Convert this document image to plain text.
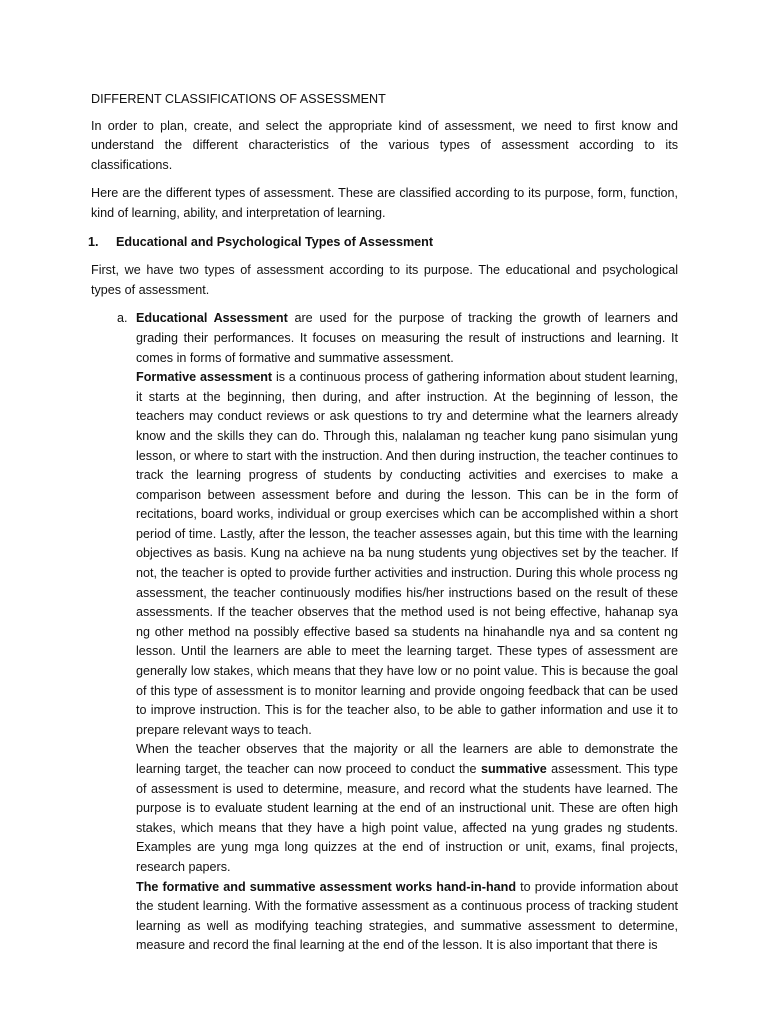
DIFFERENT CLASSIFICATIONS OF ASSESSMENT

In order to plan, create, and select the appropriate kind of assessment, we need to first know and understand the different characteristics of the various types of assessment according to its classifications.

Here are the different types of assessment. These are classified according to its purpose, form, function, kind of learning, ability, and interpretation of learning.

1.	Educational and Psychological Types of Assessment

First, we have two types of assessment according to its purpose. The educational and psychological types of assessment.

a. Educational Assessment are used for the purpose of tracking the growth of learners and grading their performances. It focuses on measuring the result of instructions and learning. It comes in forms of formative and summative assessment.

Formative assessment is a continuous process of gathering information about student learning, it starts at the beginning, then during, and after instruction. At the beginning of lesson, the teachers may conduct reviews or ask questions to try and determine what the learners already know and the skills they can do. Through this, nalalaman ng teacher kung pano sisimulan yung lesson, or where to start with the instruction. And then during instruction, the teacher continues to track the learning progress of students by conducting activities and exercises to make a comparison between assessment before and during the lesson. This can be in the form of recitations, board works, individual or group exercises which can be accomplished within a short period of time. Lastly, after the lesson, the teacher assesses again, but this time with the learning objectives as basis. Kung na achieve na ba nung students yung objectives set by the teacher. If not, the teacher is opted to provide further activities and instruction. During this whole process ng assessment, the teacher continuously modifies his/her instructions based on the result of these assessments. If the teacher observes that the method used is not being effective, hahanap sya ng other method na possibly effective based sa students na hinahandle nya and sa content ng lesson. Until the learners are able to meet the learning target. These types of assessment are generally low stakes, which means that they have low or no point value. This is because the goal of this type of assessment is to monitor learning and provide ongoing feedback that can be used to improve instruction. This is for the teacher also, to be able to gather information and use it to prepare relevant ways to teach.

When the teacher observes that the majority or all the learners are able to demonstrate the learning target, the teacher can now proceed to conduct the summative assessment. This type of assessment is used to determine, measure, and record what the students have learned. The purpose is to evaluate student learning at the end of an instructional unit. These are often high stakes, which means that they have a high point value, affected na yung grades ng students. Examples are yung mga long quizzes at the end of instruction or unit, exams, final projects, research papers.

The formative and summative assessment works hand-in-hand to provide information about the student learning. With the formative assessment as a continuous process of tracking student learning as well as modifying teaching strategies, and summative assessment to determine, measure and record the final learning at the end of the lesson. It is also important that there is
